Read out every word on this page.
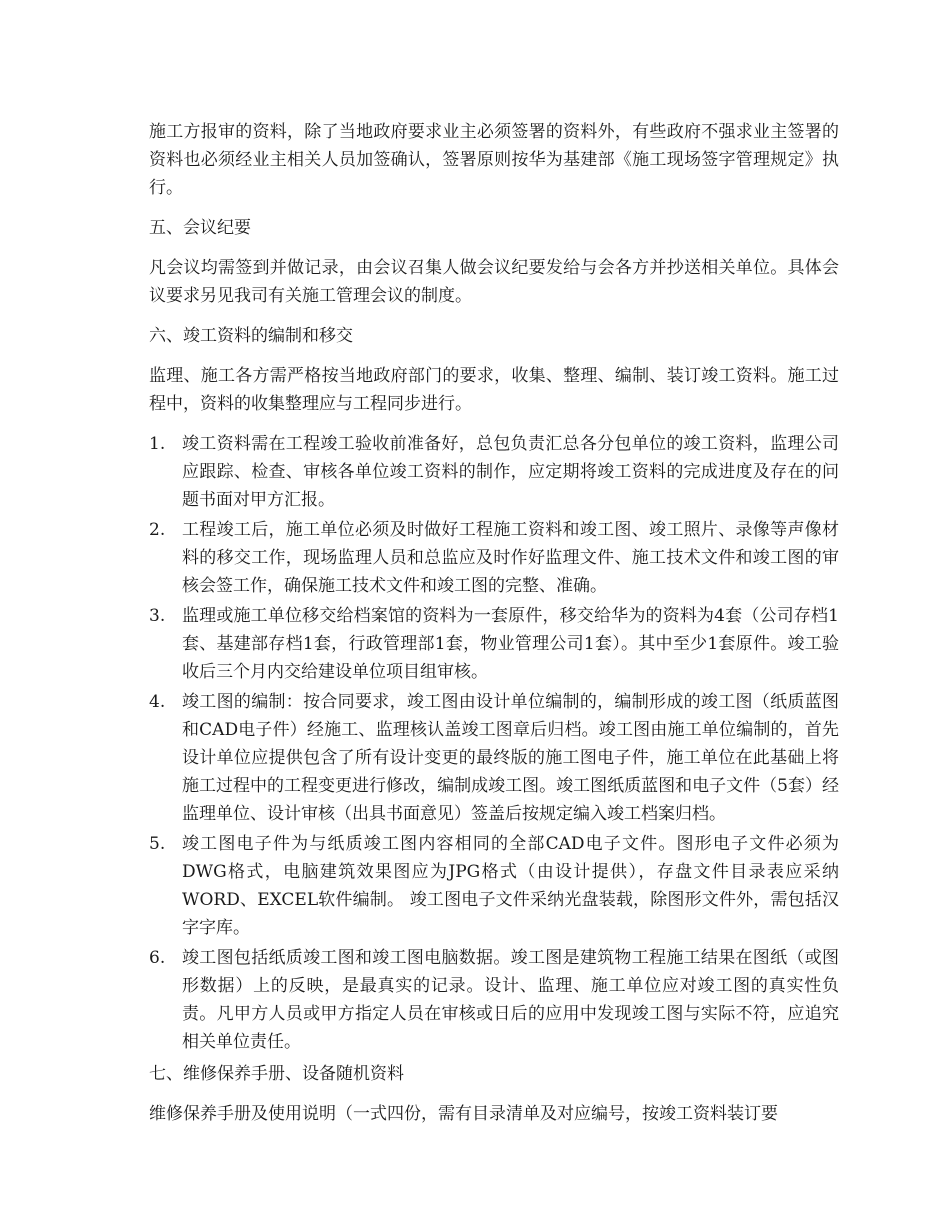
施工方报审的资料，除了当地政府要求业主必须签署的资料外，有些政府不强求业主签署的资料也必须经业主相关人员加签确认，签署原则按华为基建部《施工现场签字管理规定》执行。

五、会议纪要

凡会议均需签到并做记录，由会议召集人做会议纪要发给与会各方并抄送相关单位。具体会议要求另见我司有关施工管理会议的制度。

六、竣工资料的编制和移交

监理、施工各方需严格按当地政府部门的要求，收集、整理、编制、装订竣工资料。施工过程中，资料的收集整理应与工程同步进行。

1. 竣工资料需在工程竣工验收前准备好，总包负责汇总各分包单位的竣工资料，监理公司应跟踪、检查、审核各单位竣工资料的制作，应定期将竣工资料的完成进度及存在的问题书面对甲方汇报。
2. 工程竣工后，施工单位必须及时做好工程施工资料和竣工图、竣工照片、录像等声像材料的移交工作，现场监理人员和总监应及时作好监理文件、施工技术文件和竣工图的审核会签工作，确保施工技术文件和竣工图的完整、准确。
3. 监理或施工单位移交给档案馆的资料为一套原件，移交给华为的资料为4套（公司存档1套、基建部存档1套，行政管理部1套，物业管理公司1套）。其中至少1套原件。竣工验收后三个月内交给建设单位项目组审核。
4. 竣工图的编制：按合同要求，竣工图由设计单位编制的，编制形成的竣工图（纸质蓝图和CAD电子件）经施工、监理核认盖竣工图章后归档。竣工图由施工单位编制的，首先设计单位应提供包含了所有设计变更的最终版的施工图电子件，施工单位在此基础上将施工过程中的工程变更进行修改，编制成竣工图。竣工图纸质蓝图和电子文件（5套）经监理单位、设计审核（出具书面意见）签盖后按规定编入竣工档案归档。
5. 竣工图电子件为与纸质竣工图内容相同的全部CAD电子文件。图形电子文件必须为DWG格式，电脑建筑效果图应为JPG格式（由设计提供），存盘文件目录表应采纳WORD、EXCEL软件编制。 竣工图电子文件采纳光盘装载，除图形文件外，需包括汉字字库。
6. 竣工图包括纸质竣工图和竣工图电脑数据。竣工图是建筑物工程施工结果在图纸（或图形数据）上的反映，是最真实的记录。设计、监理、施工单位应对竣工图的真实性负责。凡甲方人员或甲方指定人员在审核或日后的应用中发现竣工图与实际不符，应追究相关单位责任。

七、维修保养手册、设备随机资料

维修保养手册及使用说明（一式四份，需有目录清单及对应编号，按竣工资料装订要
